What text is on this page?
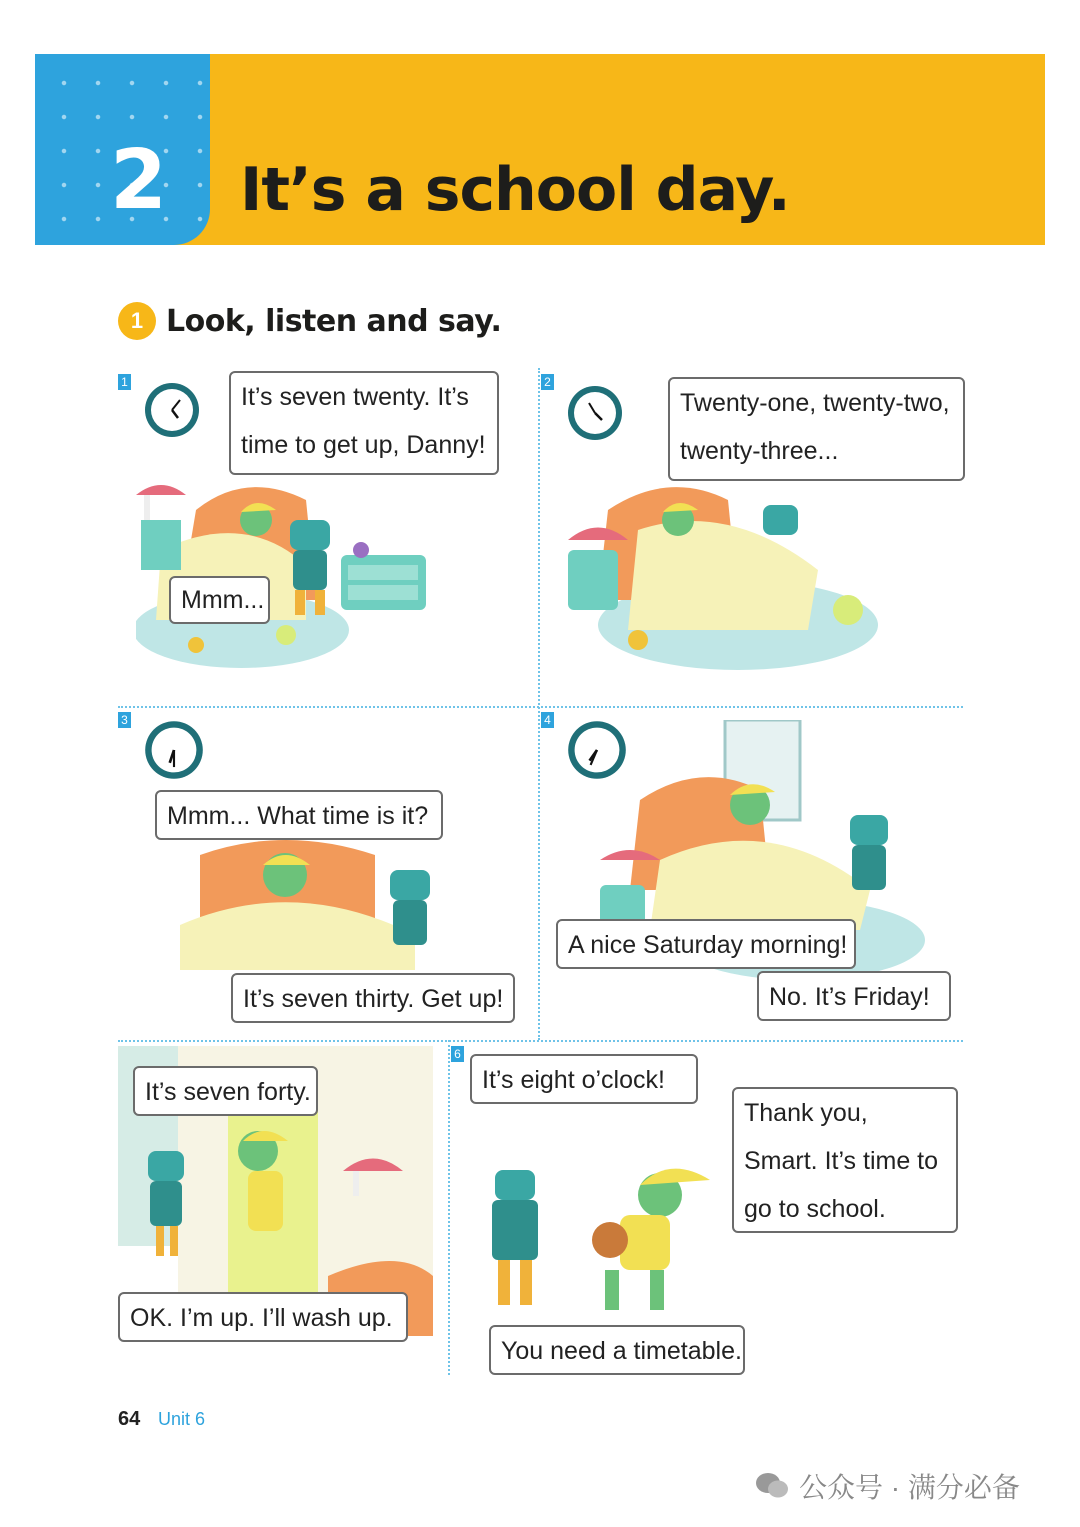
2 It’s a school day.
1 Look, listen and say.
1	2
3	4
6
It’s seven twenty. It’s time to get up, Danny!
Mmm...
Twenty-one, twenty-two, twenty-three...
Mmm... What time is it?
It’s seven thirty. Get up!
A nice Saturday morning!
No. It’s Friday!
It’s seven forty.
OK. I’m up. I’ll wash up.
It’s eight o’clock!
Thank you, Smart. It’s time to go to school.
You need a timetable.
64 Unit 6
公众号 · 满分必备
